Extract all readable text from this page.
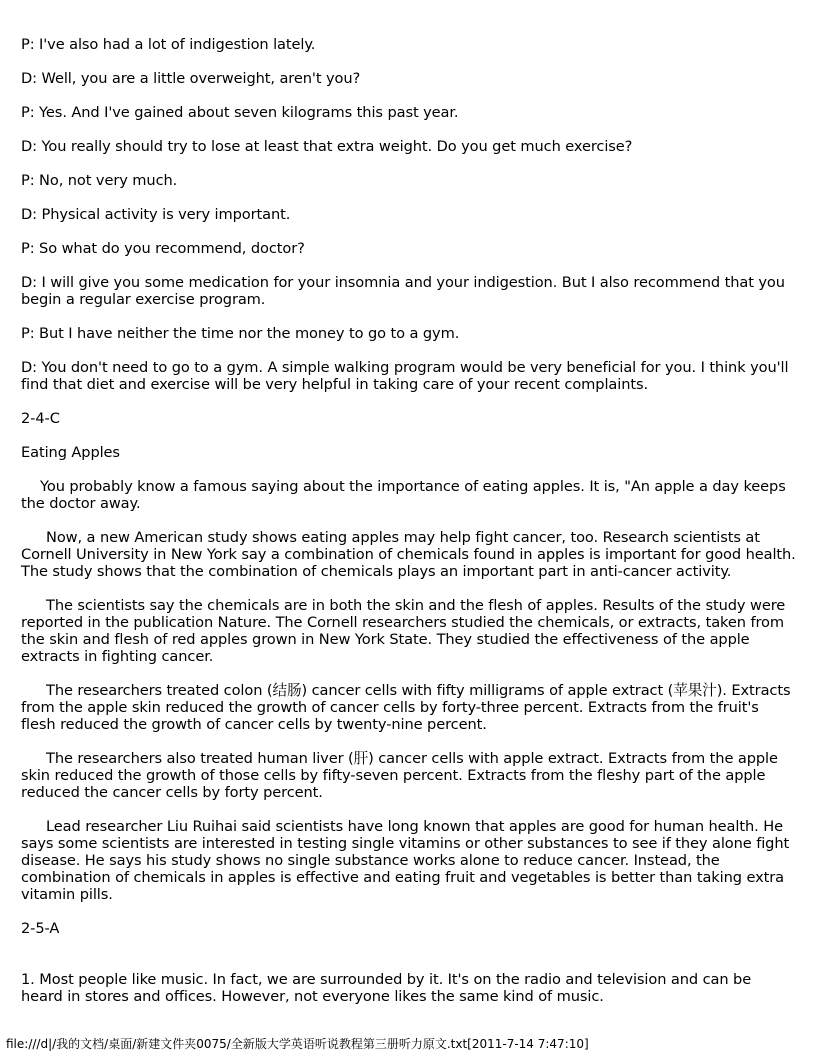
P: I've also had a lot of indigestion lately.
D: Well, you are a little overweight, aren't you?
P: Yes. And I've gained about seven kilograms this past year.
D: You really should try to lose at least that extra weight. Do you get much exercise?
P: No, not very much.
D: Physical activity is very important.
P: So what do you recommend, doctor?
D: I will give you some medication for your insomnia and your indigestion. But I also recommend that you begin a regular exercise program.
P: But I have neither the time nor the money to go to a gym.
D: You don't need to go to a gym. A simple walking program would be very beneficial for you. I think you'll find that diet and exercise will be very helpful in taking care of your recent complaints.
2-4-C
Eating Apples
You probably know a famous saying about the importance of eating apples. It is, "An apple a day keeps the doctor away.
Now, a new American study shows eating apples may help fight cancer, too. Research scientists at Cornell University in New York say a combination of chemicals found in apples is important for good health. The study shows that the combination of chemicals plays an important part in anti-cancer activity.
The scientists say the chemicals are in both the skin and the flesh of apples. Results of the study were reported in the publication Nature. The Cornell researchers studied the chemicals, or extracts, taken from the skin and flesh of red apples grown in New York State. They studied the effectiveness of the apple extracts in fighting cancer.
The researchers treated colon (结肠) cancer cells with fifty milligrams of apple extract (苹果汁). Extracts from the apple skin reduced the growth of cancer cells by forty-three percent. Extracts from the fruit's flesh reduced the growth of cancer cells by twenty-nine percent.
The researchers also treated human liver (肝) cancer cells with apple extract. Extracts from the apple skin reduced the growth of those cells by fifty-seven percent. Extracts from the fleshy part of the apple reduced the cancer cells by forty percent.
Lead researcher Liu Ruihai said scientists have long known that apples are good for human health. He says some scientists are interested in testing single vitamins or other substances to see if they alone fight disease. He says his study shows no single substance works alone to reduce cancer. Instead, the combination of chemicals in apples is effective and eating fruit and vegetables is better than taking extra vitamin pills.
2-5-A
1. Most people like music. In fact, we are surrounded by it. It's on the radio and television and can be heard in stores and offices. However, not everyone likes the same kind of music.
file:///d|/我的文档/桌面/新建文件夹0075/全新版大学英语听说教程第三册听力原文.txt[2011-7-14 7:47:10]
